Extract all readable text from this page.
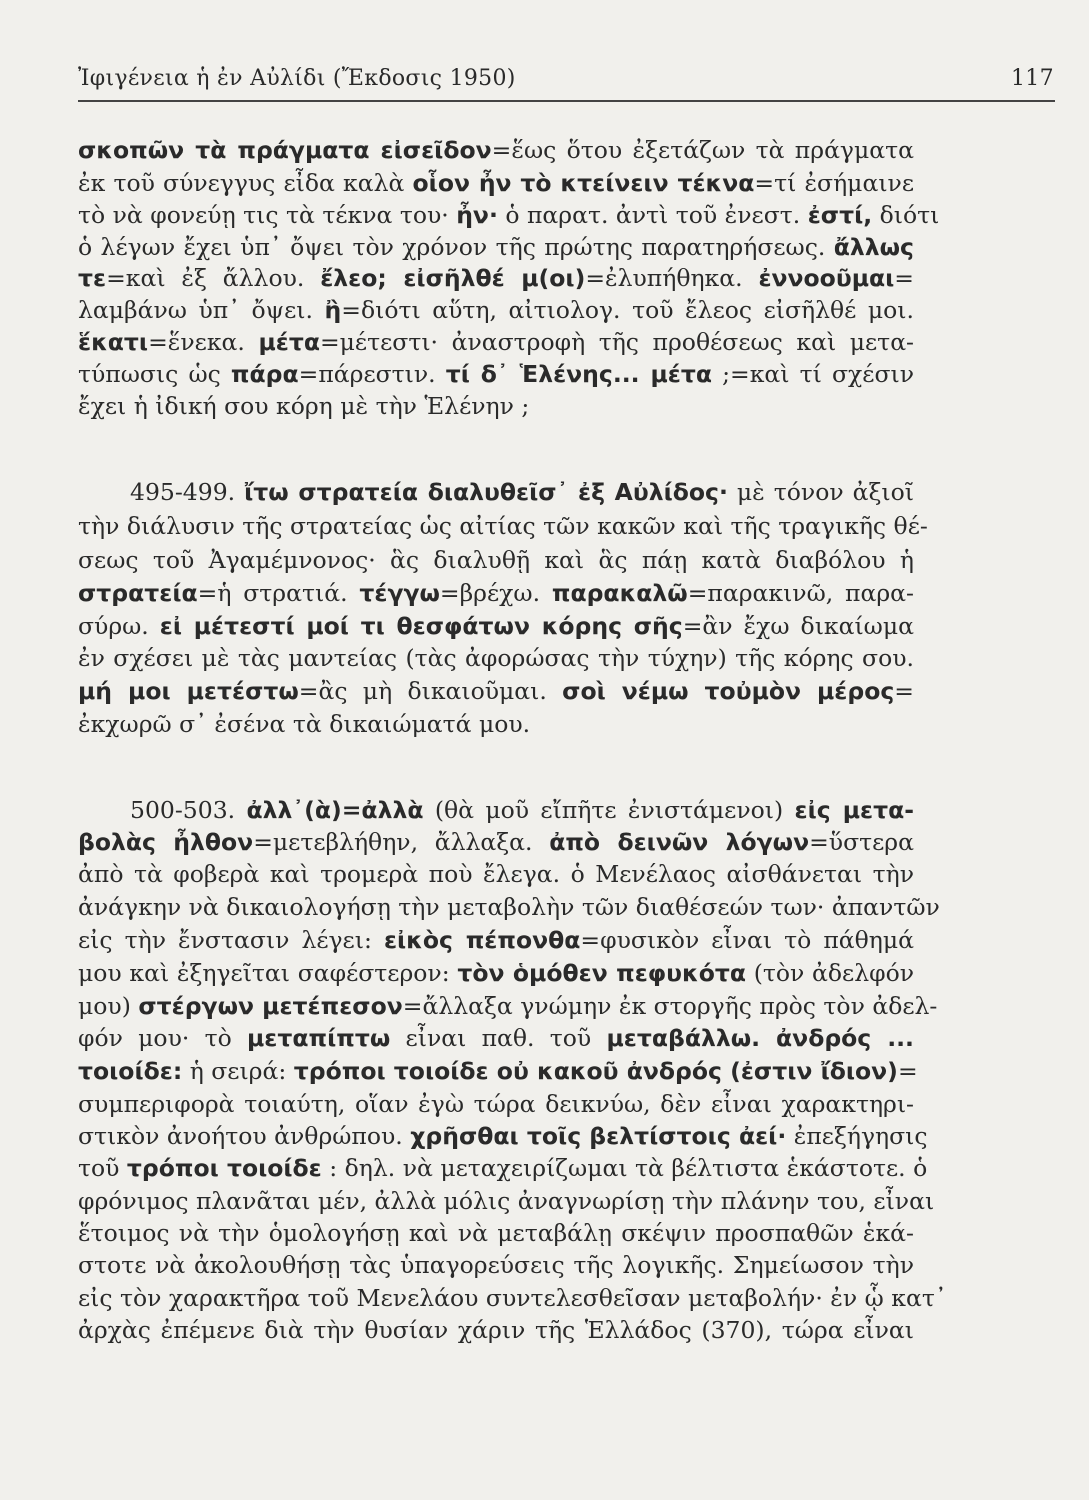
Ἰφιγένεια ἡ ἐν Αὐλίδι (Ἔκδοσις 1950)	117
σκοπῶν τὰ πράγματα εἰσεῖδον=ἕως ὅτου ἐξετάζων τὰ πράγματα
ἐκ τοῦ σύνεγγυς εἶδα καλὰ οἷον ἦν τὸ κτείνειν τέκνα=τί ἐσήμαινε
τὸ νὰ φονεύῃ τις τὰ τέκνα του· ἦν· ὁ παρατ. ἀντὶ τοῦ ἐνεστ. ἐστί, διότι
ὁ λέγων ἔχει ὑπ᾽ ὄψει τὸν χρόνον τῆς πρώτης παρατηρήσεως. ἄλλως
τε=καὶ ἐξ ἄλλου. ἔλεο; εἰσῆλθέ μ(οι)=ἐλυπήθηκα. ἐννοοῦμαι=
λαμβάνω ὑπ᾽ ὄψει. ἢ=διότι αὕτη, αἰτιολογ. τοῦ ἔλεος εἰσῆλθέ μοι.
ἕκατι=ἕνεκα. μέτα=μέτεστι· ἀναστροφὴ τῆς προθέσεως καὶ μετα-
τύπωσις ὡς πάρα=πάρεστιν. τί δ᾽ Ἑλένης... μέτα ;=καὶ τί σχέσιν
ἔχει ἡ ἰδική σου κόρη μὲ τὴν Ἑλένην ;
495-499. ἴτω στρατεία διαλυθεῖσ᾽ ἐξ Αὐλίδος· μὲ τόνον ἀξιοῖ
τὴν διάλυσιν τῆς στρατείας ὡς αἰτίας τῶν κακῶν καὶ τῆς τραγικῆς θέ-
σεως τοῦ Ἀγαμέμνονος· ἃς διαλυθῇ καὶ ἃς πάῃ κατὰ διαβόλου ἡ
στρατεία=ἡ στρατιά. τέγγω=βρέχω. παρακαλῶ=παρακινῶ, παρα-
σύρω. εἰ μέτεστί μοί τι θεσφάτων κόρης σῆς=ἂν ἔχω δικαίωμα
ἐν σχέσει μὲ τὰς μαντείας (τὰς ἀφορώσας τὴν τύχην) τῆς κόρης σου.
μή μοι μετέστω=ἂς μὴ δικαιοῦμαι. σοὶ νέμω τοὐμὸν μέρος=
ἐκχωρῶ σ᾽ ἐσένα τὰ δικαιώματά μου.
500-503. ἀλλ᾽(ὰ)=ἀλλὰ (θὰ μοῦ εἴπῆτε ἐνιστάμενοι) εἰς μετα-
βολὰς ἦλθον=μετεβλήθην, ἄλλαξα. ἀπὸ δεινῶν λόγων=ὕστερα
ἀπὸ τὰ φοβερὰ καὶ τρομερὰ ποὺ ἔλεγα. ὁ Μενέλαος αἰσθάνεται τὴν
ἀνάγκην νὰ δικαιολογήσῃ τὴν μεταβολὴν τῶν διαθέσεών των· ἀπαντῶν
εἰς τὴν ἔνστασιν λέγει: εἰκὸς πέπονθα=φυσικὸν εἶναι τὸ πάθημά
μου καὶ ἐξηγεῖται σαφέστερον: τὸν ὁμόθεν πεφυκότα (τὸν ἀδελφόν
μου) στέργων μετέπεσον=ἄλλαξα γνώμην ἐκ στοργῆς πρὸς τὸν ἀδελ-
φόν μου· τὸ μεταπίπτω εἶναι παθ. τοῦ μεταβάλλω. ἀνδρός ...
τοιοίδε: ἡ σειρά: τρόποι τοιοίδε οὐ κακοῦ ἀνδρός (ἐστιν ἴδιον)=
συμπεριφορὰ τοιαύτη, οἵαν ἐγὼ τώρα δεικνύω, δὲν εἶναι χαρακτηρι-
στικὸν ἀνοήτου ἀνθρώπου. χρῆσθαι τοῖς βελτίστοις ἀεί· ἐπεξήγησις
τοῦ τρόποι τοιοίδε : δηλ. νὰ μεταχειρίζωμαι τὰ βέλτιστα ἑκάστοτε. ὁ
φρόνιμος πλανᾶται μέν, ἀλλὰ μόλις ἀναγνωρίσῃ τὴν πλάνην του, εἶναι
ἕτοιμος νὰ τὴν ὁμολογήσῃ καὶ νὰ μεταβάλῃ σκέψιν προσπαθῶν ἑκά-
στοτε νὰ ἀκολουθήσῃ τὰς ὑπαγορεύσεις τῆς λογικῆς. Σημείωσον τὴν
εἰς τὸν χαρακτῆρα τοῦ Μενελάου συντελεσθεῖσαν μεταβολήν· ἐν ᾧ κατ᾽
ἀρχὰς ἐπέμενε διὰ τὴν θυσίαν χάριν τῆς Ἑλλάδος (370), τώρα εἶναι
